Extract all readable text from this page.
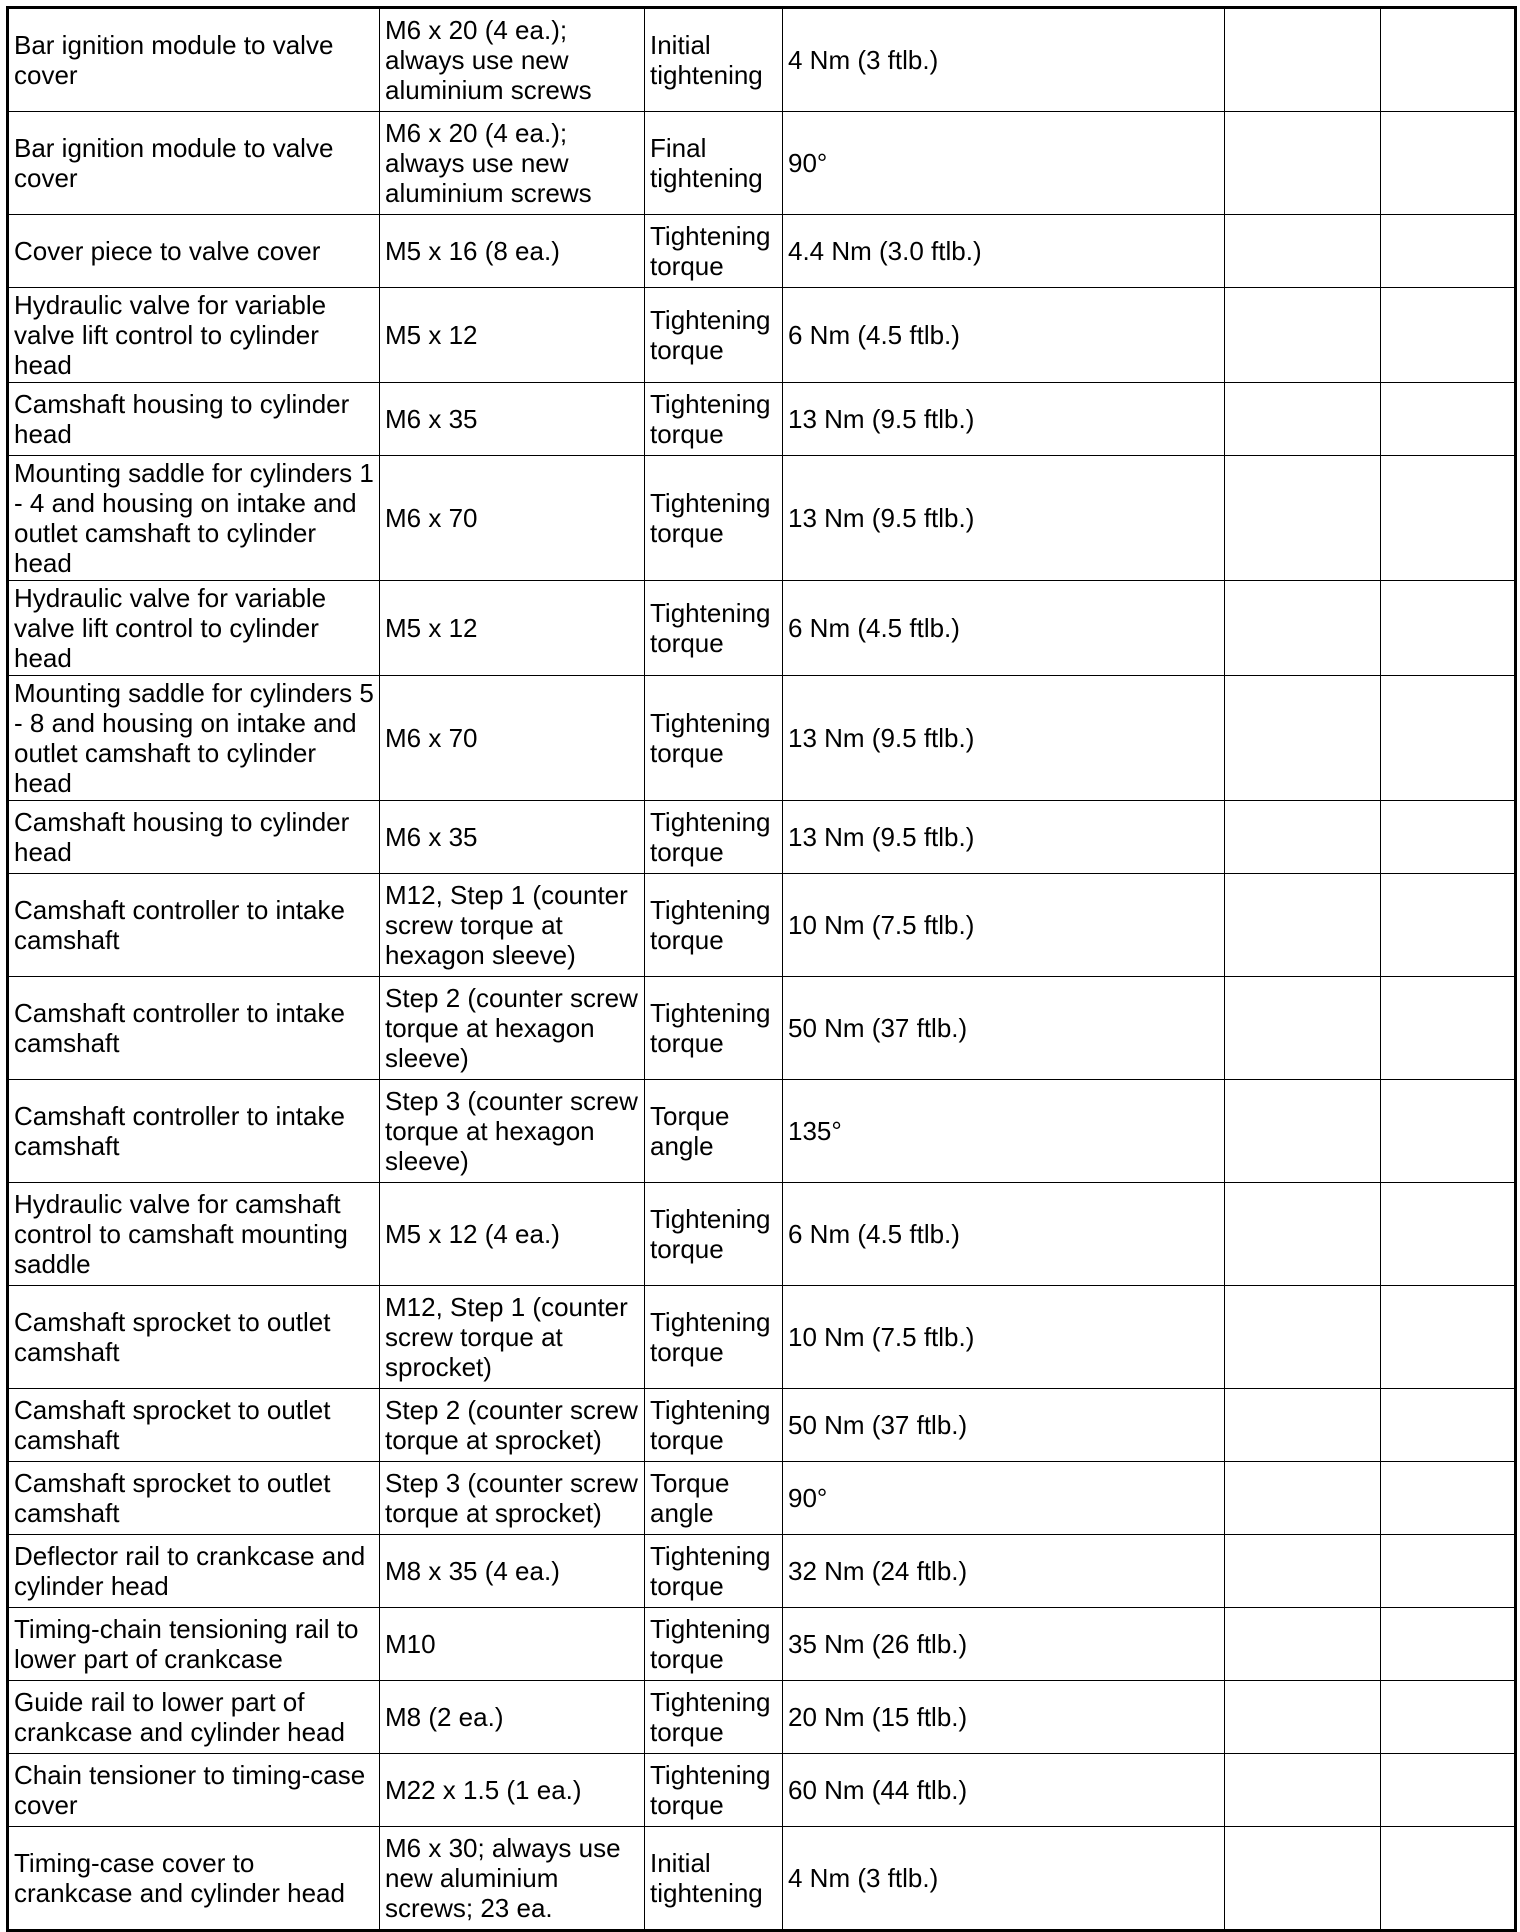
Bar ignition module to valve cover	M6 x 20 (4 ea.); always use new aluminium screws	Initial tightening	4 Nm (3 ftlb.)		
Bar ignition module to valve cover	M6 x 20 (4 ea.); always use new aluminium screws	Final tightening	90°		
Cover piece to valve cover	M5 x 16 (8 ea.)	Tightening torque	4.4 Nm (3.0 ftlb.)		
Hydraulic valve for variable valve lift control to cylinder head	M5 x 12	Tightening torque	6 Nm (4.5 ftlb.)		
Camshaft housing to cylinder head	M6 x 35	Tightening torque	13 Nm (9.5 ftlb.)		
Mounting saddle for cylinders 1 - 4 and housing on intake and outlet camshaft to cylinder head	M6 x 70	Tightening torque	13 Nm (9.5 ftlb.)		
Hydraulic valve for variable valve lift control to cylinder head	M5 x 12	Tightening torque	6 Nm (4.5 ftlb.)		
Mounting saddle for cylinders 5 - 8 and housing on intake and outlet camshaft to cylinder head	M6 x 70	Tightening torque	13 Nm (9.5 ftlb.)		
Camshaft housing to cylinder head	M6 x 35	Tightening torque	13 Nm (9.5 ftlb.)		
Camshaft controller to intake camshaft	M12, Step 1 (counter screw torque at hexagon sleeve)	Tightening torque	10 Nm (7.5 ftlb.)		
Camshaft controller to intake camshaft	Step 2 (counter screw torque at hexagon sleeve)	Tightening torque	50 Nm (37 ftlb.)		
Camshaft controller to intake camshaft	Step 3 (counter screw torque at hexagon sleeve)	Torque angle	135°		
Hydraulic valve for camshaft control to camshaft mounting saddle	M5 x 12 (4 ea.)	Tightening torque	6 Nm (4.5 ftlb.)		
Camshaft sprocket to outlet camshaft	M12, Step 1 (counter screw torque at sprocket)	Tightening torque	10 Nm (7.5 ftlb.)		
Camshaft sprocket to outlet camshaft	Step 2 (counter screw torque at sprocket)	Tightening torque	50 Nm (37 ftlb.)		
Camshaft sprocket to outlet camshaft	Step 3 (counter screw torque at sprocket)	Torque angle	90°		
Deflector rail to crankcase and cylinder head	M8 x 35 (4 ea.)	Tightening torque	32 Nm (24 ftlb.)		
Timing-chain tensioning rail to lower part of crankcase	M10	Tightening torque	35 Nm (26 ftlb.)		
Guide rail to lower part of crankcase and cylinder head	M8 (2 ea.)	Tightening torque	20 Nm (15 ftlb.)		
Chain tensioner to timing-case cover	M22 x 1.5 (1 ea.)	Tightening torque	60 Nm (44 ftlb.)		
Timing-case cover to crankcase and cylinder head	M6 x 30; always use new aluminium screws; 23 ea.	Initial tightening	4 Nm (3 ftlb.)		
